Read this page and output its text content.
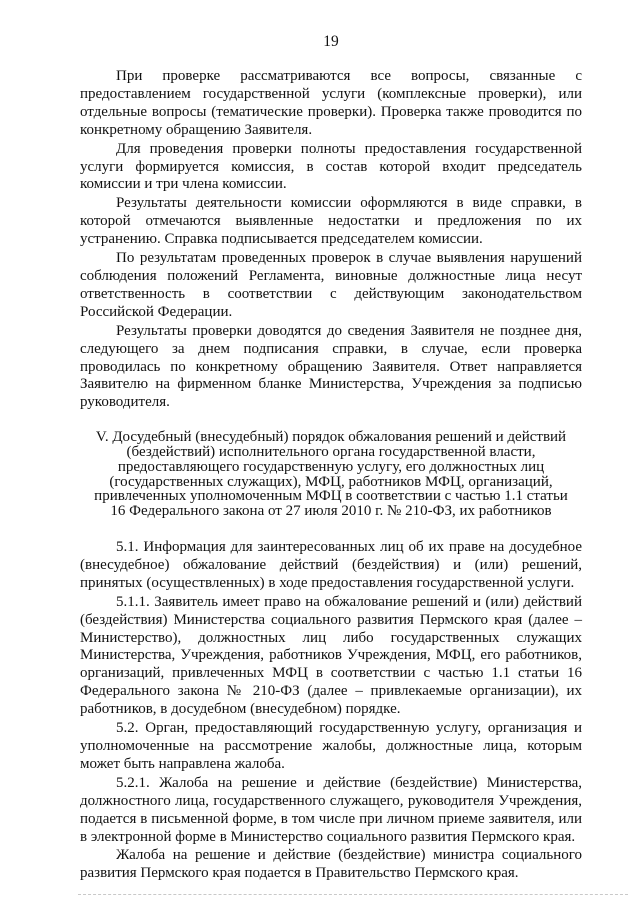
19

При проверке рассматриваются все вопросы, связанные с предоставлением государственной услуги (комплексные проверки), или отдельные вопросы (тематические проверки). Проверка также проводится по конкретному обращению Заявителя.

Для проведения проверки полноты предоставления государственной услуги формируется комиссия, в состав которой входит председатель комиссии и три члена комиссии.

Результаты деятельности комиссии оформляются в виде справки, в которой отмечаются выявленные недостатки и предложения по их устранению. Справка подписывается председателем комиссии.

По результатам проведенных проверок в случае выявления нарушений соблюдения положений Регламента, виновные должностные лица несут ответственность в соответствии с действующим законодательством Российской Федерации.

Результаты проверки доводятся до сведения Заявителя не позднее дня, следующего за днем подписания справки, в случае, если проверка проводилась по конкретному обращению Заявителя. Ответ направляется Заявителю на фирменном бланке Министерства, Учреждения за подписью руководителя.

V. Досудебный (внесудебный) порядок обжалования решений и действий (бездействий) исполнительного органа государственной власти, предоставляющего государственную услугу, его должностных лиц (государственных служащих), МФЦ, работников МФЦ, организаций, привлеченных уполномоченным МФЦ в соответствии с частью 1.1 статьи 16 Федерального закона от 27 июля 2010 г. № 210-ФЗ, их работников

5.1. Информация для заинтересованных лиц об их праве на досудебное (внесудебное) обжалование действий (бездействия) и (или) решений, принятых (осуществленных) в ходе предоставления государственной услуги.

5.1.1. Заявитель имеет право на обжалование решений и (или) действий (бездействия) Министерства социального развития Пермского края (далее – Министерство), должностных лиц либо государственных служащих Министерства, Учреждения, работников Учреждения, МФЦ, его работников, организаций, привлеченных МФЦ в соответствии с частью 1.1 статьи 16 Федерального закона № 210-ФЗ (далее – привлекаемые организации), их работников, в досудебном (внесудебном) порядке.

5.2. Орган, предоставляющий государственную услугу, организация и уполномоченные на рассмотрение жалобы, должностные лица, которым может быть направлена жалоба.

5.2.1. Жалоба на решение и действие (бездействие) Министерства, должностного лица, государственного служащего, руководителя Учреждения, подается в письменной форме, в том числе при личном приеме заявителя, или в электронной форме в Министерство социального развития Пермского края.

Жалоба на решение и действие (бездействие) министра социального развития Пермского края подается в Правительство Пермского края.
